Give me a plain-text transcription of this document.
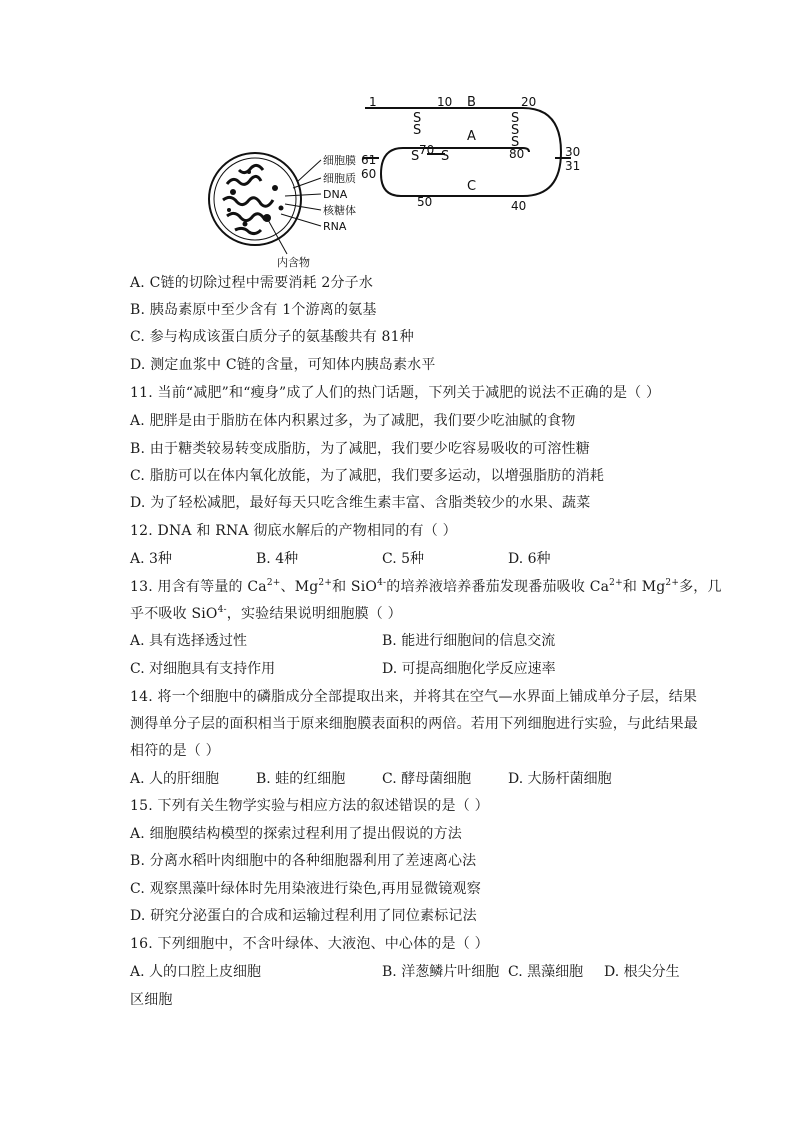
细胞膜
细胞质
DNA
核糖体
RNA
内含物
S
S
S S
S
S
S
1	10	20
30
31
40
50
60
61
70	80
B
A
C
A. C链的切除过程中需要消耗 2分子水
B. 胰岛素原中至少含有 1个游离的氨基
C. 参与构成该蛋白质分子的氨基酸共有 81种
D. 测定血浆中 C链的含量，可知体内胰岛素水平
11. 当前“减肥”和“瘦身”成了人们的热门话题，下列关于减肥的说法不正确的是（ ）
A. 肥胖是由于脂肪在体内积累过多，为了减肥，我们要少吃油腻的食物
B. 由于糖类较易转变成脂肪，为了减肥，我们要少吃容易吸收的可溶性糖
C. 脂肪可以在体内氧化放能，为了减肥，我们要多运动，以增强脂肪的消耗
D. 为了轻松减肥，最好每天只吃含维生素丰富、含脂类较少的水果、蔬菜
12. DNA 和 RNA 彻底水解后的产物相同的有（ ）
A. 3种	B. 4种	C. 5种	D. 6种
13. 用含有等量的 $Ca^{2+}$、$Mg^{2+}$和 SiO$^{4-}$的培养液培养番茄发现番茄吸收 $Ca^{2+}$和 $Mg^{2+}$多，几
乎不吸收 SiO$^{4-}$，实验结果说明细胞膜（ ）
A. 具有选择透过性	B. 能进行细胞间的信息交流
C. 对细胞具有支持作用	D. 可提高细胞化学反应速率
14. 将一个细胞中的磷脂成分全部提取出来，并将其在空气—水界面上铺成单分子层，结果
测得单分子层的面积相当于原来细胞膜表面积的两倍。若用下列细胞进行实验，与此结果最
相符的是（ ）
A. 人的肝细胞	B. 蛙的红细胞	C. 酵母菌细胞	D. 大肠杆菌细胞
15. 下列有关生物学实验与相应方法的叙述错误的是（ ）
A. 细胞膜结构模型的探索过程利用了提出假说的方法
B. 分离水稻叶肉细胞中的各种细胞器利用了差速离心法
C. 观察黑藻叶绿体时先用染液进行染色,再用显微镜观察
D. 研究分泌蛋白的合成和运输过程利用了同位素标记法
16. 下列细胞中，不含叶绿体、大液泡、中心体的是（ ）
A. 人的口腔上皮细胞	B. 洋葱鳞片叶细胞 C. 黑藻细胞 D. 根尖分生
区细胞
